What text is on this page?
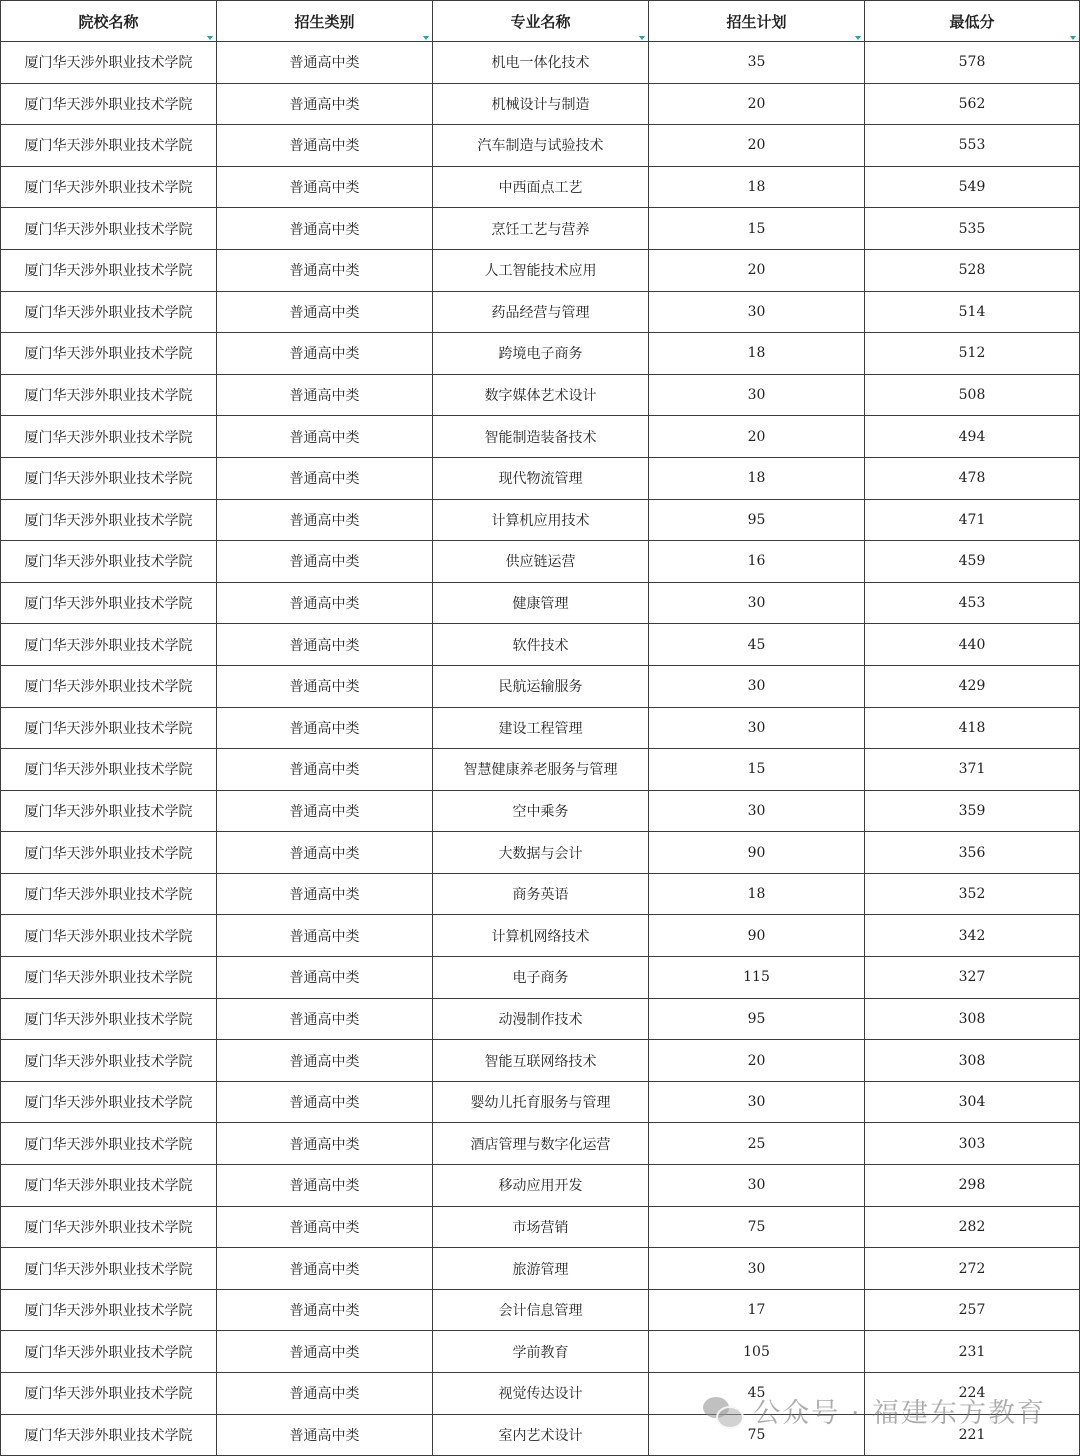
院校名称	招生类别	专业名称	招生计划	最低分

厦门华天涉外职业技术学院	普通高中类	机电一体化技术	35	578
厦门华天涉外职业技术学院	普通高中类	机械设计与制造	20	562
厦门华天涉外职业技术学院	普通高中类	汽车制造与试验技术	20	553
厦门华天涉外职业技术学院	普通高中类	中西面点工艺	18	549
厦门华天涉外职业技术学院	普通高中类	烹饪工艺与营养	15	535
厦门华天涉外职业技术学院	普通高中类	人工智能技术应用	20	528
厦门华天涉外职业技术学院	普通高中类	药品经营与管理	30	514
厦门华天涉外职业技术学院	普通高中类	跨境电子商务	18	512
厦门华天涉外职业技术学院	普通高中类	数字媒体艺术设计	30	508
厦门华天涉外职业技术学院	普通高中类	智能制造装备技术	20	494
厦门华天涉外职业技术学院	普通高中类	现代物流管理	18	478
厦门华天涉外职业技术学院	普通高中类	计算机应用技术	95	471
厦门华天涉外职业技术学院	普通高中类	供应链运营	16	459
厦门华天涉外职业技术学院	普通高中类	健康管理	30	453
厦门华天涉外职业技术学院	普通高中类	软件技术	45	440
厦门华天涉外职业技术学院	普通高中类	民航运输服务	30	429
厦门华天涉外职业技术学院	普通高中类	建设工程管理	30	418
厦门华天涉外职业技术学院	普通高中类	智慧健康养老服务与管理	15	371
厦门华天涉外职业技术学院	普通高中类	空中乘务	30	359
厦门华天涉外职业技术学院	普通高中类	大数据与会计	90	356
厦门华天涉外职业技术学院	普通高中类	商务英语	18	352
厦门华天涉外职业技术学院	普通高中类	计算机网络技术	90	342
厦门华天涉外职业技术学院	普通高中类	电子商务	115	327
厦门华天涉外职业技术学院	普通高中类	动漫制作技术	95	308
厦门华天涉外职业技术学院	普通高中类	智能互联网络技术	20	308
厦门华天涉外职业技术学院	普通高中类	婴幼儿托育服务与管理	30	304
厦门华天涉外职业技术学院	普通高中类	酒店管理与数字化运营	25	303
厦门华天涉外职业技术学院	普通高中类	移动应用开发	30	298
厦门华天涉外职业技术学院	普通高中类	市场营销	75	282
厦门华天涉外职业技术学院	普通高中类	旅游管理	30	272
厦门华天涉外职业技术学院	普通高中类	会计信息管理	17	257
厦门华天涉外职业技术学院	普通高中类	学前教育	105	231
厦门华天涉外职业技术学院	普通高中类	视觉传达设计	45	224
厦门华天涉外职业技术学院	普通高中类	室内艺术设计	75	221
公众号 · 福建东方教育
